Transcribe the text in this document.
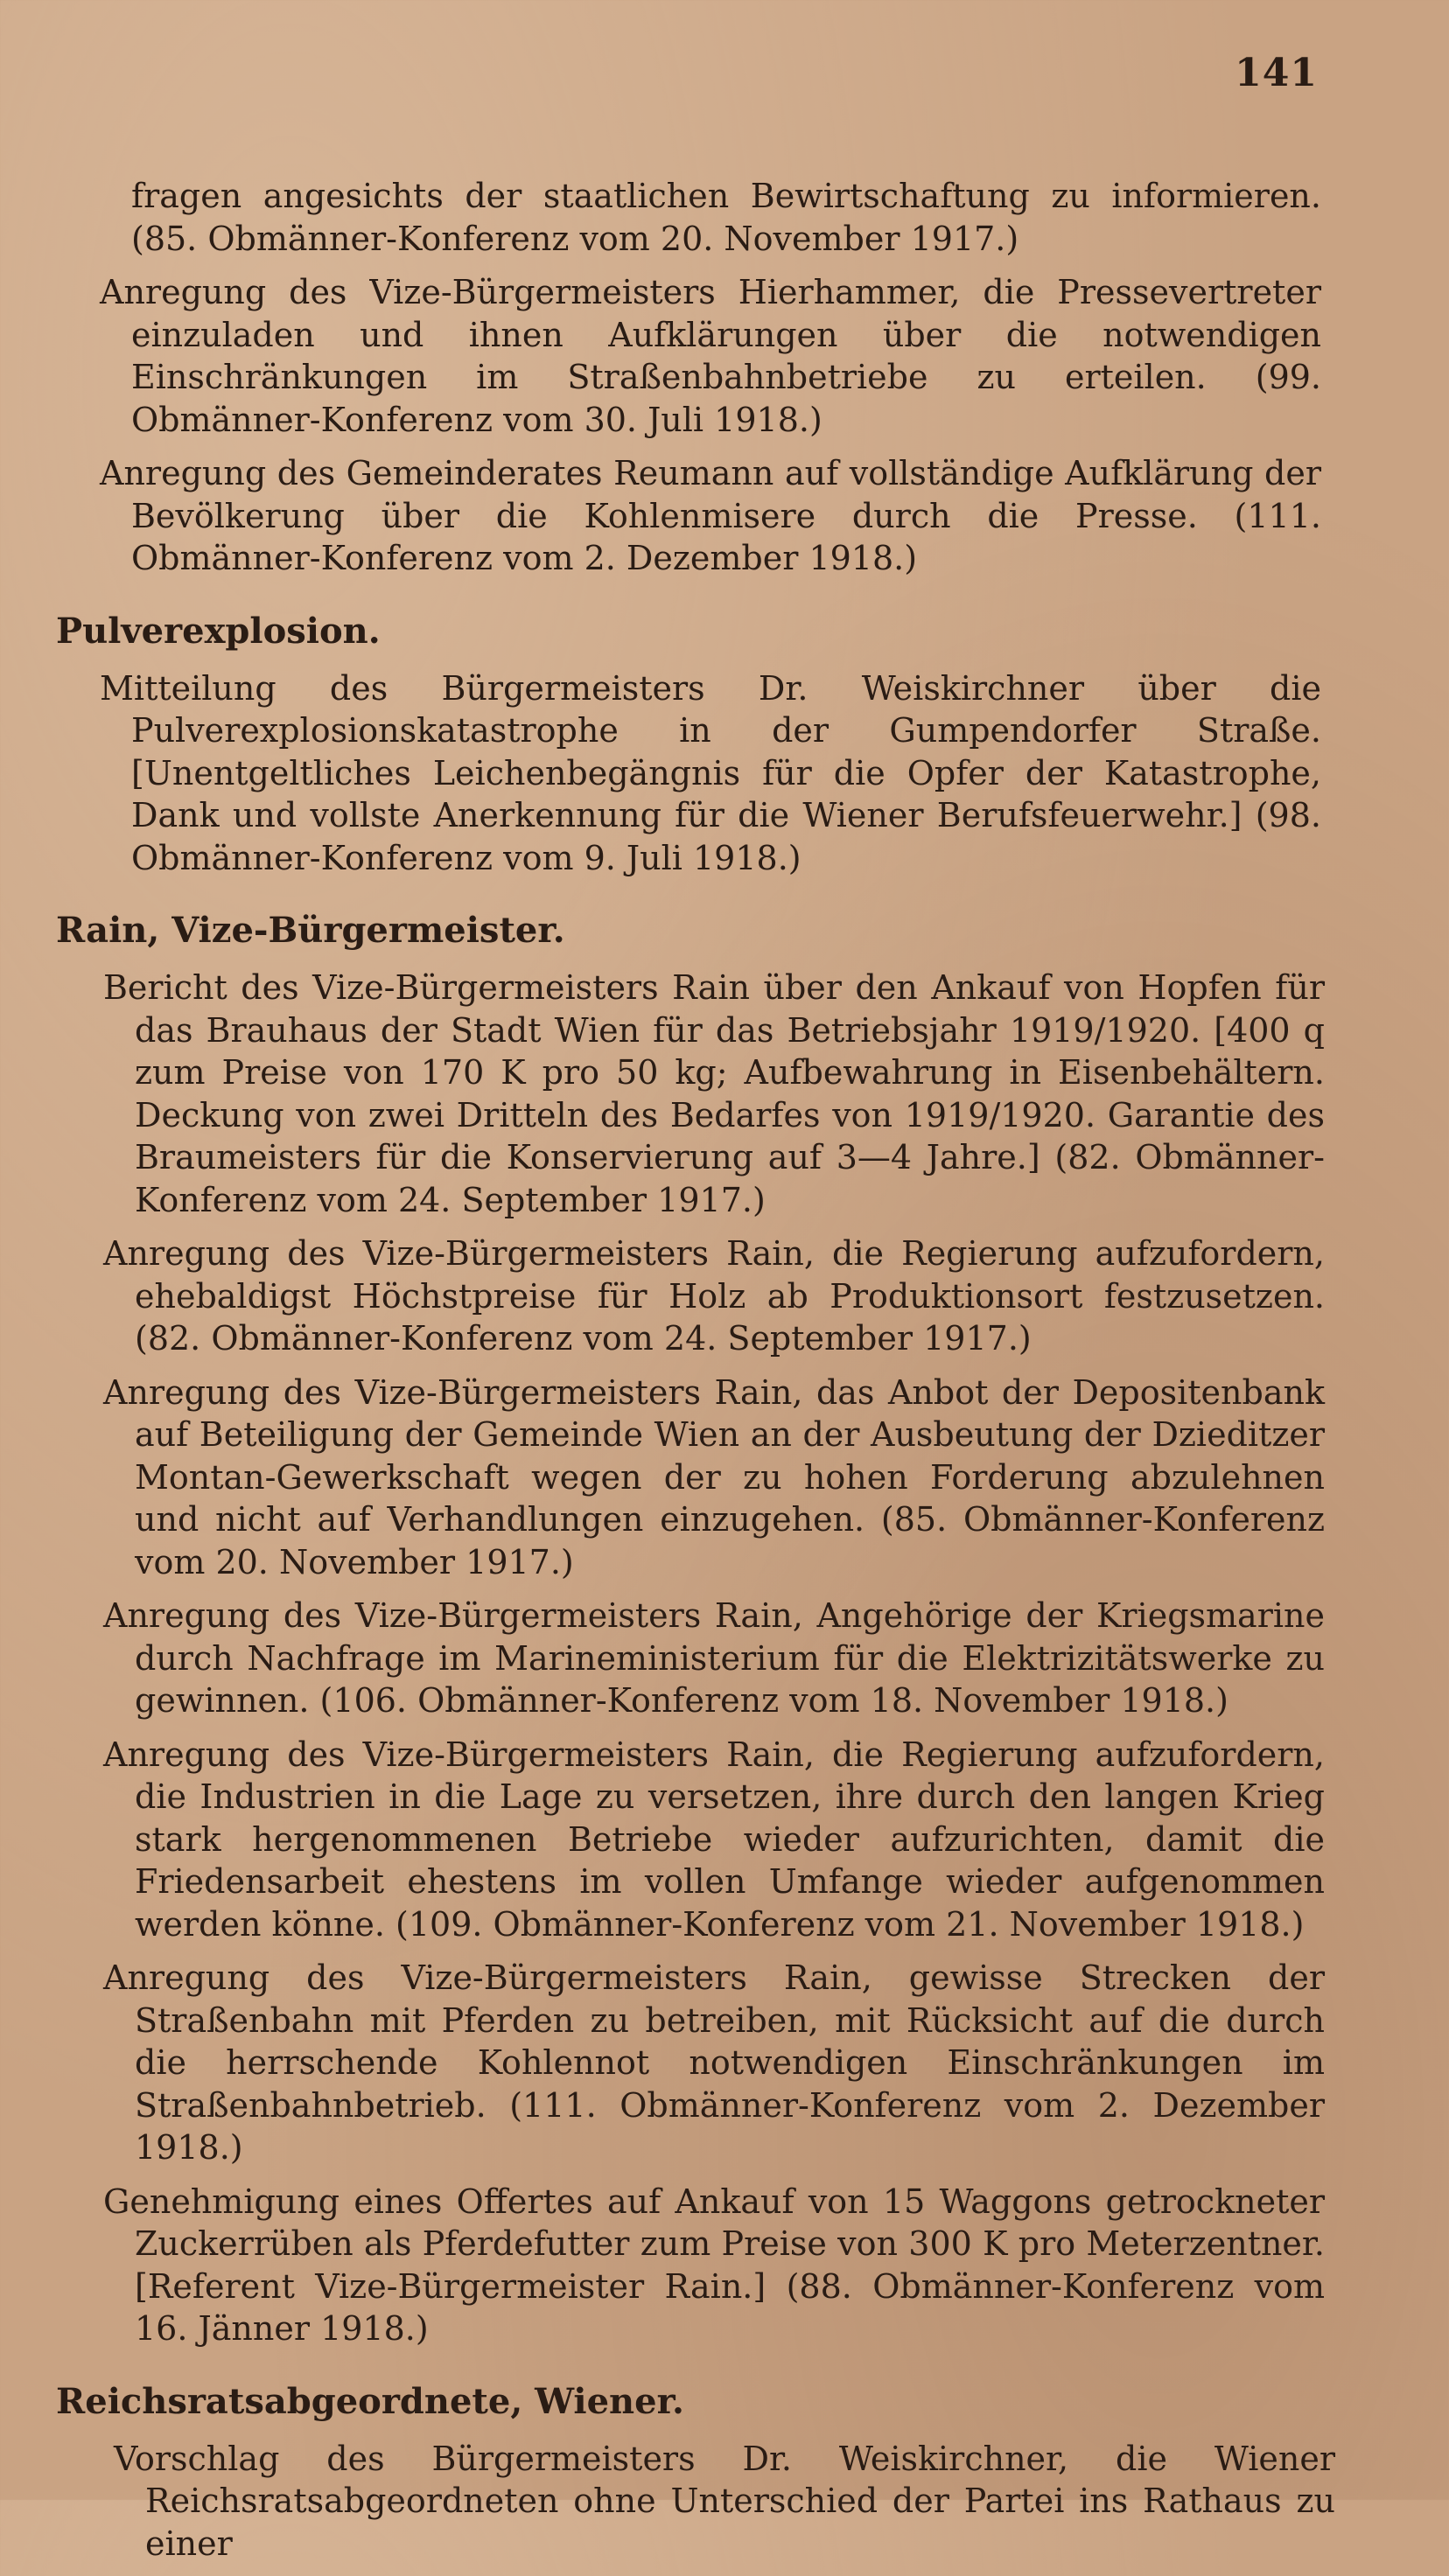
141
fragen angesichts der staatlichen Bewirtschaftung zu informieren. (85. Obmänner-Konferenz vom 20. November 1917.)
Anregung des Vize-Bürgermeisters Hierhammer, die Pressevertreter einzuladen und ihnen Aufklärungen über die notwendigen Einschränkungen im Straßenbahnbetriebe zu erteilen. (99. Obmänner-Konferenz vom 30. Juli 1918.)
Anregung des Gemeinderates Reumann auf vollständige Aufklärung der Bevölkerung über die Kohlenmisere durch die Presse. (111. Obmänner-Konferenz vom 2. Dezember 1918.)
Pulverexplosion.
Mitteilung des Bürgermeisters Dr. Weiskirchner über die Pulverexplosionskatastrophe in der Gumpendorfer Straße. [Unentgeltliches Leichenbegängnis für die Opfer der Katastrophe, Dank und vollste Anerkennung für die Wiener Berufsfeuerwehr.] (98. Obmänner-Konferenz vom 9. Juli 1918.)
Rain, Vize-Bürgermeister.
Bericht des Vize-Bürgermeisters Rain über den Ankauf von Hopfen für das Brauhaus der Stadt Wien für das Betriebsjahr 1919/1920. [400 q zum Preise von 170 K pro 50 kg; Aufbewahrung in Eisenbehältern. Deckung von zwei Dritteln des Bedarfes von 1919/1920. Garantie des Braumeisters für die Konservierung auf 3—4 Jahre.] (82. Obmänner-Konferenz vom 24. September 1917.)
Anregung des Vize-Bürgermeisters Rain, die Regierung aufzufordern, ehebaldigst Höchstpreise für Holz ab Produktionsort festzusetzen. (82. Obmänner-Konferenz vom 24. September 1917.)
Anregung des Vize-Bürgermeisters Rain, das Anbot der Depositenbank auf Beteiligung der Gemeinde Wien an der Ausbeutung der Dzieditzer Montan-Gewerkschaft wegen der zu hohen Forderung abzulehnen und nicht auf Verhandlungen einzugehen. (85. Obmänner-Konferenz vom 20. November 1917.)
Anregung des Vize-Bürgermeisters Rain, Angehörige der Kriegsmarine durch Nachfrage im Marineministerium für die Elektrizitätswerke zu gewinnen. (106. Obmänner-Konferenz vom 18. November 1918.)
Anregung des Vize-Bürgermeisters Rain, die Regierung aufzufordern, die Industrien in die Lage zu versetzen, ihre durch den langen Krieg stark hergenommenen Betriebe wieder aufzurichten, damit die Friedensarbeit ehestens im vollen Umfange wieder aufgenommen werden könne. (109. Obmänner-Konferenz vom 21. November 1918.)
Anregung des Vize-Bürgermeisters Rain, gewisse Strecken der Straßenbahn mit Pferden zu betreiben, mit Rücksicht auf die durch die herrschende Kohlennot notwendigen Einschränkungen im Straßenbahnbetrieb. (111. Obmänner-Konferenz vom 2. Dezember 1918.)
Genehmigung eines Offertes auf Ankauf von 15 Waggons getrockneter Zuckerrüben als Pferdefutter zum Preise von 300 K pro Meterzentner. [Referent Vize-Bürgermeister Rain.] (88. Obmänner-Konferenz vom 16. Jänner 1918.)
Reichsratsabgeordnete, Wiener.
Vorschlag des Bürgermeisters Dr. Weiskirchner, die Wiener Reichsratsabgeordneten ohne Unterschied der Partei ins Rathaus zu einer
